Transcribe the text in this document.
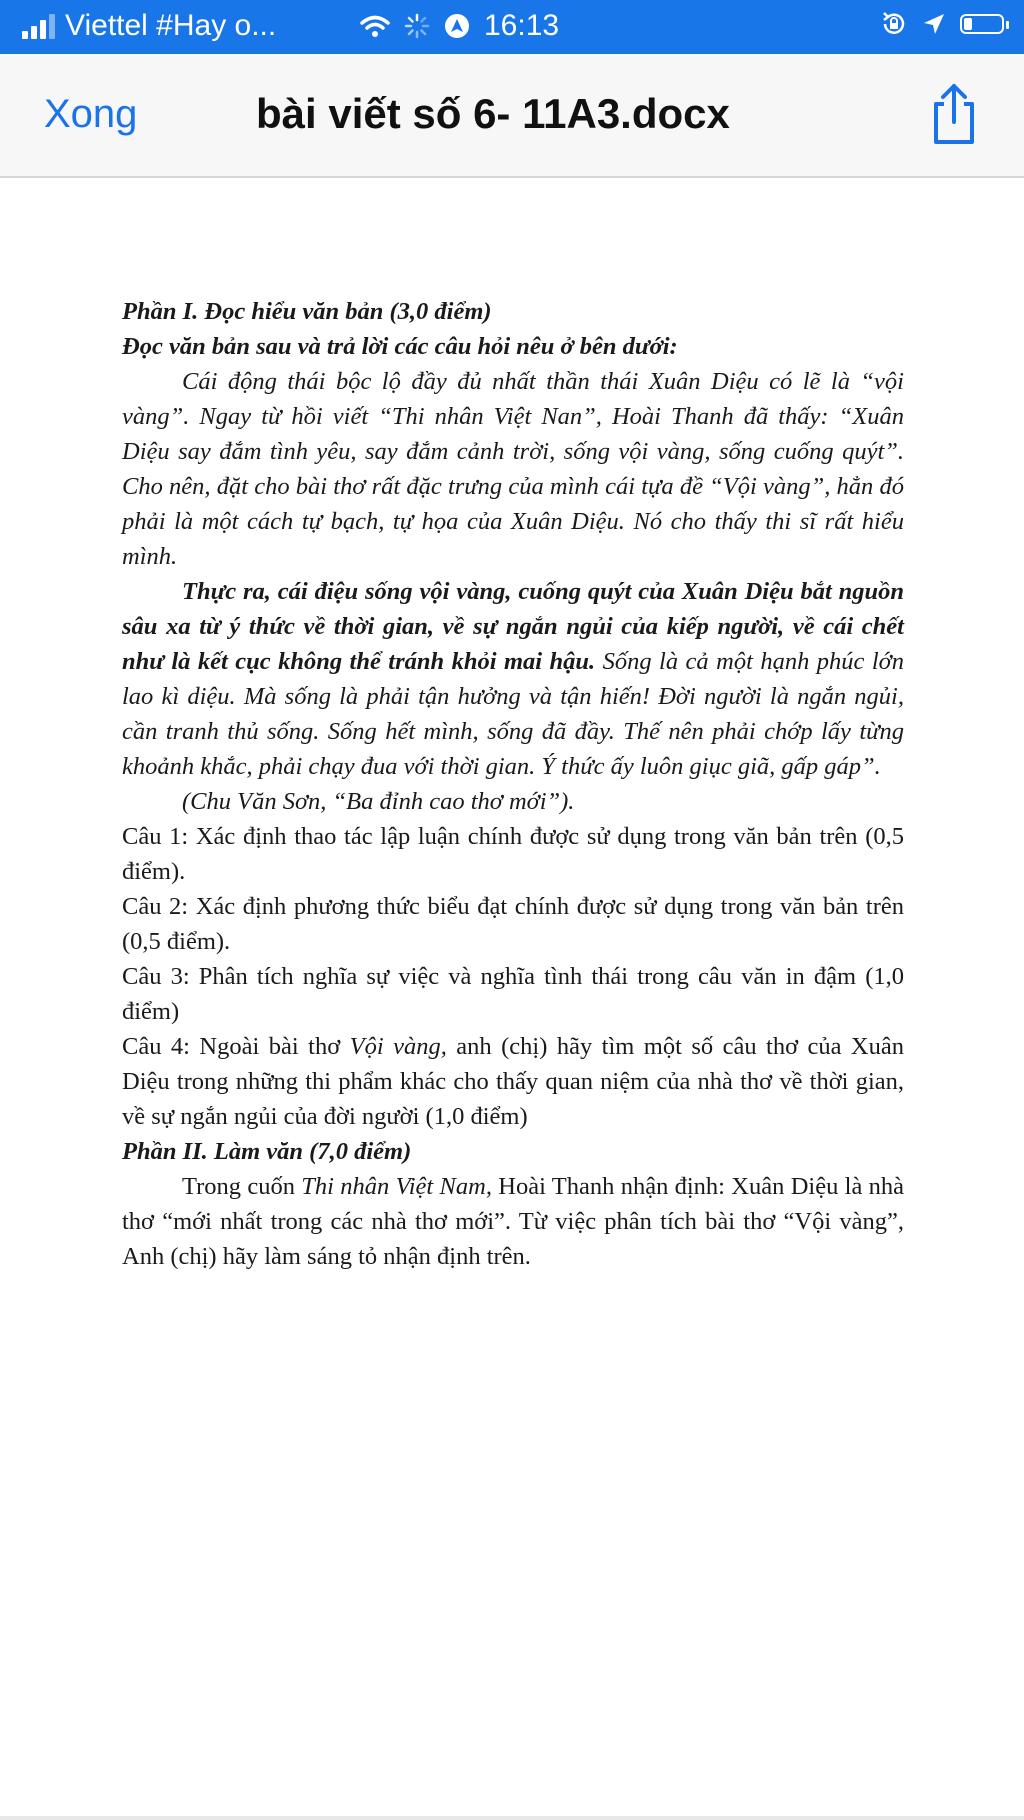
Viettel #Hay o...	16:13
Xong	bài viết số 6- 11A3.docx

Phần I. Đọc hiểu văn bản (3,0 điểm)

Đọc văn bản sau và trả lời các câu hỏi nêu ở bên dưới:

Cái động thái bộc lộ đầy đủ nhất thần thái Xuân Diệu có lẽ là “vội vàng”. Ngay từ hồi viết “Thi nhân Việt Nan”, Hoài Thanh đã thấy: “Xuân Diệu say đắm tình yêu, say đắm cảnh trời, sống vội vàng, sống cuống quýt”. Cho nên, đặt cho bài thơ rất đặc trưng của mình cái tựa đề “Vội vàng”, hẳn đó phải là một cách tự bạch, tự họa của Xuân Diệu. Nó cho thấy thi sĩ rất hiểu mình.

Thực ra, cái điệu sống vội vàng, cuống quýt của Xuân Diệu bắt nguồn sâu xa từ ý thức về thời gian, về sự ngắn ngủi của kiếp người, về cái chết như là kết cục không thể tránh khỏi mai hậu. Sống là cả một hạnh phúc lớn lao kì diệu. Mà sống là phải tận hưởng và tận hiến! Đời người là ngắn ngủi, cần tranh thủ sống. Sống hết mình, sống đã đầy. Thế nên phải chớp lấy từng khoảnh khắc, phải chạy đua với thời gian. Ý thức ấy luôn giục giã, gấp gáp”.

(Chu Văn Sơn, “Ba đỉnh cao thơ mới”).

Câu 1: Xác định thao tác lập luận chính được sử dụng trong văn bản trên (0,5 điểm).

Câu 2: Xác định phương thức biểu đạt chính được sử dụng trong văn bản trên (0,5 điểm).

Câu 3: Phân tích nghĩa sự việc và nghĩa tình thái trong câu văn in đậm (1,0 điểm)

Câu 4: Ngoài bài thơ Vội vàng, anh (chị) hãy tìm một số câu thơ của Xuân Diệu trong những thi phẩm khác cho thấy quan niệm của nhà thơ về thời gian, về sự ngắn ngủi của đời người (1,0 điểm)

Phần II. Làm văn (7,0 điểm)

Trong cuốn Thi nhân Việt Nam, Hoài Thanh nhận định: Xuân Diệu là nhà thơ “mới nhất trong các nhà thơ mới”. Từ việc phân tích bài thơ “Vội vàng”, Anh (chị) hãy làm sáng tỏ nhận định trên.
